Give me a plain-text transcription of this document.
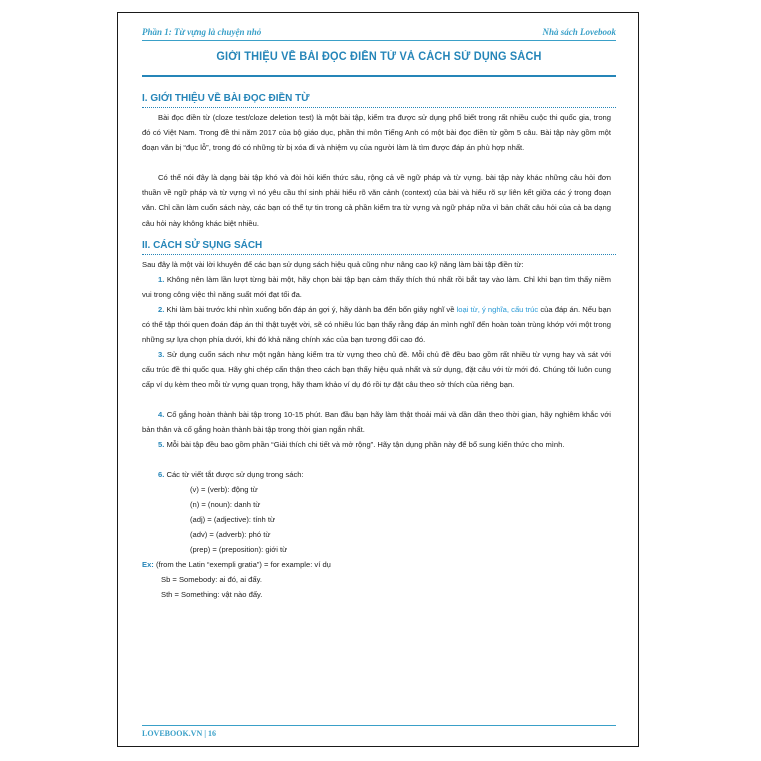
Phần 1: Từ vựng là chuyện nhỏ	Nhà sách Lovebook
GIỚI THIỆU VỀ BÀI ĐỌC ĐIỀN TỪ VÀ CÁCH SỬ DỤNG SÁCH
I. GIỚI THIỆU VỀ BÀI ĐỌC ĐIỀN TỪ
Bài đọc điền từ (cloze test/cloze deletion test) là một bài tập, kiểm tra được sử dụng phổ biết trong rất nhiều cuộc thi quốc gia, trong đó có Việt Nam. Trong đề thi năm 2017 của bộ giáo dục, phần thi môn Tiếng Anh có một bài đọc điền từ gồm 5 câu. Bài tập này gồm một đoạn văn bị “đục lỗ”, trong đó có những từ bị xóa đi và nhiệm vụ của người làm là tìm được đáp án phù hợp nhất.
Có thể nói đây là dạng bài tập khó và đòi hỏi kiến thức sâu, rộng cả về ngữ pháp và từ vựng. bài tập này khác những câu hỏi đơn thuần về ngữ pháp và từ vựng vì nó yêu cầu thí sinh phải hiểu rõ văn cảnh (context) của bài và hiểu rõ sự liên kết giữa các ý trong đoạn văn. Chỉ cần làm cuốn sách này, các bạn có thể tự tin trong cả phần kiểm tra từ vựng và ngữ pháp nữa vì bản chất câu hỏi của cả ba dạng câu hỏi này không khác biệt nhiều.
II. CÁCH SỬ SỤNG SÁCH
Sau đây là một vài lời khuyên để các bạn sử dụng sách hiệu quả cũng như nâng cao kỹ năng làm bài tập điền từ:
1. Không nên làm lần lượt từng bài một, hãy chọn bài tập bạn cảm thấy thích thú nhất rồi bắt tay vào làm. Chỉ khi bạn tìm thấy niềm vui trong công việc thì năng suất mới đạt tối đa.
2. Khi làm bài trước khi nhìn xuống bốn đáp án gợi ý, hãy dành ba đến bốn giây nghĩ về loại từ, ý nghĩa, cấu trúc của đáp án. Nếu bạn có thể tập thói quen đoán đáp án thì thật tuyệt vời, sẽ có nhiều lúc bạn thấy rằng đáp án mình nghĩ đến hoàn toàn trùng khớp với một trong những sự lựa chọn phía dưới, khi đó khả năng chính xác của bạn tương đối cao đó.
3. Sử dụng cuốn sách như một ngân hàng kiểm tra từ vựng theo chủ đề. Mỗi chủ đề đều bao gồm rất nhiều từ vựng hay và sát với cấu trúc đề thi quốc qua. Hãy ghi chép cẩn thận theo cách bạn thấy hiệu quả nhất và sử dụng, đặt câu với từ mới đó. Chúng tôi luôn cung cấp ví dụ kèm theo mỗi từ vựng quan trọng, hãy tham khảo ví dụ đó rồi tự đặt câu theo sở thích của riêng bạn.
4. Cố gắng hoàn thành bài tập trong 10-15 phút. Ban đầu bạn hãy làm thật thoải mái và dần dần theo thời gian, hãy nghiêm khắc với bản thân và cố gắng hoàn thành bài tập trong thời gian ngắn nhất.
5. Mỗi bài tập đều bao gồm phần “Giải thích chi tiết và mở rộng”. Hãy tận dụng phần này để bổ sung kiến thức cho mình.
6. Các từ viết tắt được sử dụng trong sách:
(v) = (verb): động từ
(n) = (noun): danh từ
(adj) = (adjective): tính từ
(adv) = (adverb): phó từ
(prep) = (preposition): giới từ
Ex: (from the Latin “exempli gratia”) = for example: ví dụ
Sb = Somebody: ai đó, ai đấy.
Sth = Something: vật nào đấy.
LOVEBOOK.VN | 16
